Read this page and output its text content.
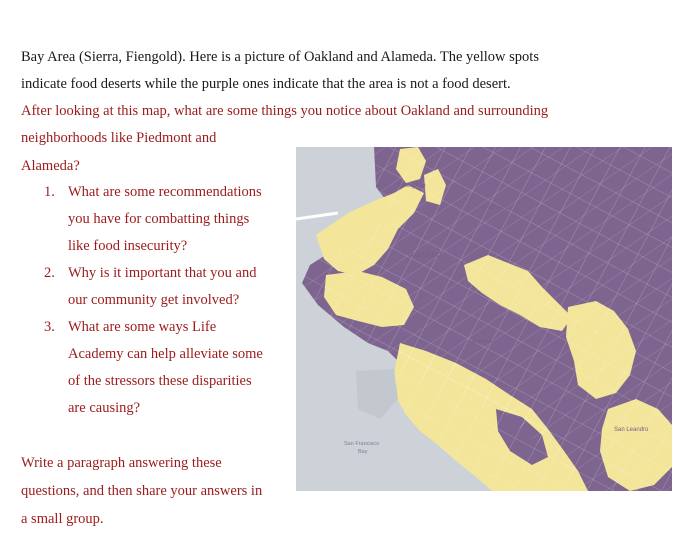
Bay Area (Sierra, Fiengold). Here is a picture of Oakland and Alameda. The yellow spots
indicate food deserts while the purple ones indicate that the area is not a food desert.
After looking at this map, what are some things you notice about Oakland and surrounding
neighborhoods like Piedmont and
Alameda?
1. What are some recommendations
you have for combatting things
like food insecurity?
2. Why is it important that you and
our community get involved?
3. What are some ways Life
Academy can help alleviate some
of the stressors these disparities
are causing?
Write a paragraph answering these
questions, and then share your answers in
a small group.
Emeryville
Piedmont
OAKLAND
Alameda
San Francisco
Bay
San Leandro
